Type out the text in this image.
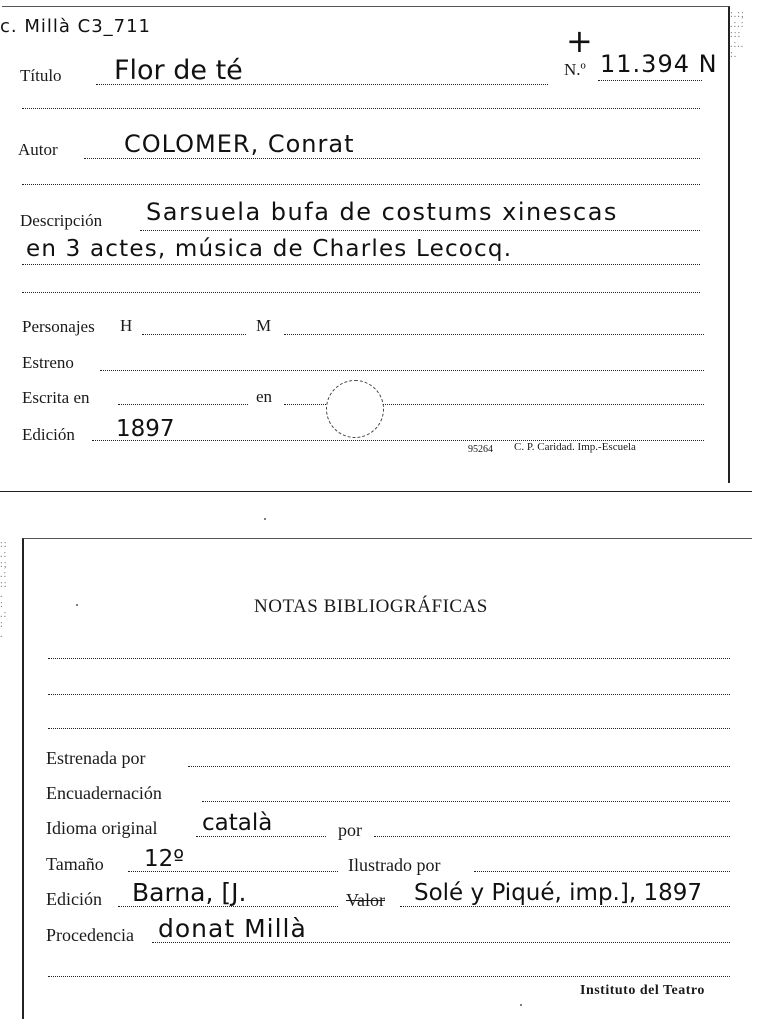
c. Millà C3_711
Título Flor de té
+
N.º 11.394 N
Autor	COLOMER, Conrat
Descripción Sarsuela bufa de costums xinescas
en 3 actes, música de Charles Lecocq.
Personajes H	M
Estreno
Escrita en	en
Edición 1897
95264 C. P. Caridad. Imp.-Escuela
NOTAS BIBLIOGRÁFICAS
Estrenada por
Encuadernación
Idioma original català	por
Tamaño 12º	Ilustrado por
Edición Barna, [J.	Valor Solé y Piqué, imp.], 1897
Procedencia donat Millà
Instituto del Teatro
:.:;
.:.:
:::
.:..
:.
::
.:
:;
.:
::
.
:
.:
:
.
